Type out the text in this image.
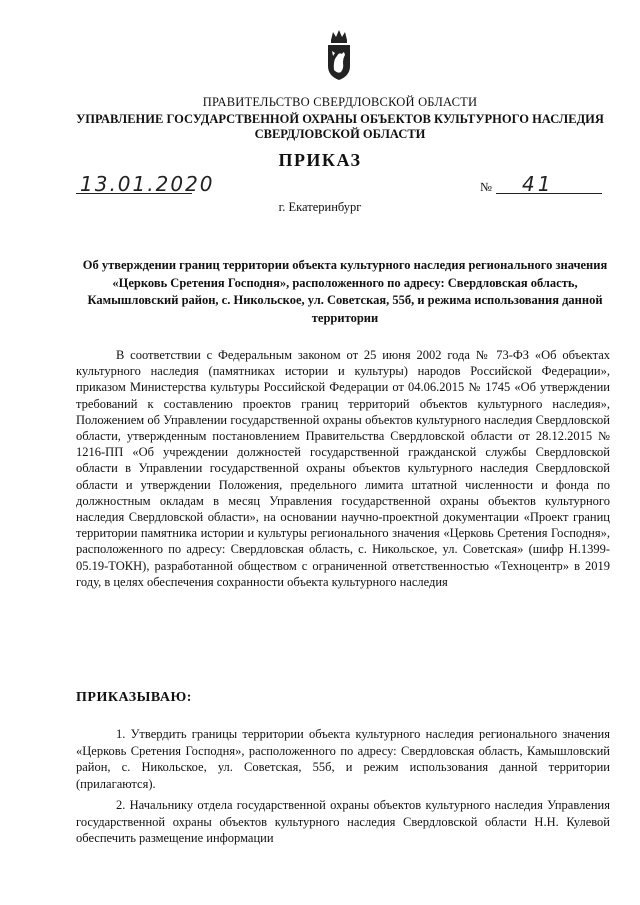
ПРАВИТЕЛЬСТВО СВЕРДЛОВСКОЙ ОБЛАСТИ
УПРАВЛЕНИЕ ГОСУДАРСТВЕННОЙ ОХРАНЫ ОБЪЕКТОВ КУЛЬТУРНОГО НАСЛЕДИЯ
СВЕРДЛОВСКОЙ ОБЛАСТИ
ПРИКАЗ
13.01.2020	№ 41
г. Екатеринбург
Об утверждении границ территории объекта культурного наследия регионального значения «Церковь Сретения Господня», расположенного по адресу: Свердловская область, Камышловский район, с. Никольское, ул. Советская, 55б, и режима использования данной территории

В соответствии с Федеральным законом от 25 июня 2002 года № 73-ФЗ «Об объектах культурного наследия (памятниках истории и культуры) народов Российской Федерации», приказом Министерства культуры Российской Федерации от 04.06.2015 № 1745 «Об утверждении требований к составлению проектов границ территорий объектов культурного наследия», Положением об Управлении государственной охраны объектов культурного наследия Свердловской области, утвержденным постановлением Правительства Свердловской области от 28.12.2015 № 1216-ПП «Об учреждении должностей государственной гражданской службы Свердловской области в Управлении государственной охраны объектов культурного наследия Свердловской области и утверждении Положения, предельного лимита штатной численности и фонда по должностным окладам в месяц Управления государственной охраны объектов культурного наследия Свердловской области», на основании научно-проектной документации «Проект границ территории памятника истории и культуры регионального значения «Церковь Сретения Господня», расположенного по адресу: Свердловская область, с. Никольское, ул. Советская» (шифр Н.1399-05.19-ТОКН), разработанной обществом с ограниченной ответственностью «Техноцентр» в 2019 году, в целях обеспечения сохранности объекта культурного наследия

ПРИКАЗЫВАЮ:

1. Утвердить границы территории объекта культурного наследия регионального значения «Церковь Сретения Господня», расположенного по адресу: Свердловская область, Камышловский район, с. Никольское, ул. Советская, 55б, и режим использования данной территории (прилагаются).

2. Начальнику отдела государственной охраны объектов культурного наследия Управления государственной охраны объектов культурного наследия Свердловской области Н.Н. Кулевой обеспечить размещение информации
